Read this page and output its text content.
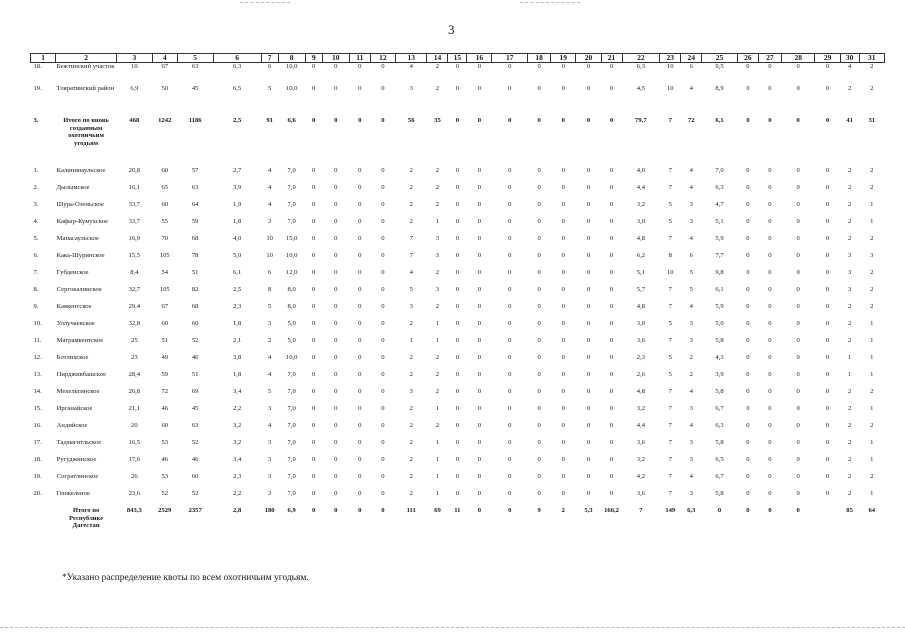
3
1	2	3	4	5	6	7	8	9	10	11	12	13	14	15	16	17	18	19	20	21	22	23	24	25	26	27	28	29	30	31
18.	Бежтинский участок	10	67	63	6,3	6	10,0	0	0	0	0	4	2	0	0	0	0	0	0	0	6,3	10	6	9,5	0	0	0	0	4	2
19.	Тляратинский район	6,9	50	45	6,5	5	10,0	0	0	0	0	3	2	0	0	0	0	0	0	0	4,5	10	4	8,9	0	0	0	0	2	2
3.	Итого по вновь созданным охотничьим угодьям	468	1242	1186	2,5	91	6,6	0	0	0	0	56	35	0	0	0	0	0	0	0	79,7	7	72	6,1	0	0	0	0	41	31
1.	Калининаульское	20,8	60	57	2,7	4	7,0	0	0	0	0	2	2	0	0	0	0	0	0	0	4,0	7	4	7,0	0	0	0	0	2	2
2.	Дылымское	16,1	65	63	3,9	4	7,0	0	0	0	0	2	2	0	0	0	0	0	0	0	4,4	7	4	6,3	0	0	0	0	2	2
3.	Шура-Озеньское	33,7	60	64	1,9	4	7,0	0	0	0	0	2	2	0	0	0	0	0	0	0	3,2	5	3	4,7	0	0	0	0	2	1
4.	Кафыр-Кумухское	33,7	55	59	1,8	3	7,0	0	0	0	0	2	1	0	0	0	0	0	0	0	3,0	5	3	5,1	0	0	0	0	2	1
5.	Манасаульское	16,9	70	68	4,0	10	15,0	0	0	0	0	7	3	0	0	0	0	0	0	0	4,8	7	4	5,9	0	0	0	0	2	2
6.	Кака-Шуринское	15,5	105	78	5,0	10	10,0	0	0	0	0	7	3	0	0	0	0	0	0	0	6,2	8	6	7,7	0	0	0	0	3	3
7.	Губденское	8,4	54	51	6,1	6	12,0	0	0	0	0	4	2	0	0	0	0	0	0	0	5,1	10	5	9,8	0	0	0	0	3	2
8.	Сергокалинское	32,7	105	82	2,5	8	8,0	0	0	0	0	5	3	0	0	0	0	0	0	0	5,7	7	5	6,1	0	0	0	0	3	2
9.	Каякентское	29,4	67	68	2,3	5	8,0	0	0	0	0	3	2	0	0	0	0	0	0	0	4,8	7	4	5,9	0	0	0	0	2	2
10.	Уллучаевское	32,8	60	60	1,8	3	5,0	0	0	0	0	2	1	0	0	0	0	0	0	0	3,0	5	3	5,0	0	0	0	0	2	1
11.	Маграмкентское	25	51	52	2,1	2	5,0	0	0	0	0	1	1	0	0	0	0	0	0	0	3,6	7	3	5,8	0	0	0	0	2	1
12.	Ботлихское	23	49	46	3,8	4	10,0	0	0	0	0	2	2	0	0	0	0	0	0	0	2,3	5	2	4,3	0	0	0	0	1	1
13.	Пирдживбашское	28,4	59	51	1,8	4	7,0	0	0	0	0	2	2	0	0	0	0	0	0	0	2,6	5	2	3,9	0	0	0	0	1	1
14.	Мехельтинское	26,8	72	69	3,4	5	7,0	0	0	0	0	3	2	0	0	0	0	0	0	0	4,8	7	4	5,8	0	0	0	0	2	2
15.	Ирганайское	21,1	46	45	2,2	3	7,0	0	0	0	0	2	1	0	0	0	0	0	0	0	3,2	7	3	6,7	0	0	0	0	2	1
16.	Андийское	20	60	63	3,2	4	7,0	0	0	0	0	2	2	0	0	0	0	0	0	0	4,4	7	4	6,3	0	0	0	0	2	2
17.	Тадмагитльское	16,5	53	52	3,2	3	7,0	0	0	0	0	2	1	0	0	0	0	0	0	0	3,6	7	3	5,8	0	0	0	0	2	1
18.	Ругуджинское	17,6	46	46	3,4	3	7,0	0	0	0	0	2	1	0	0	0	0	0	0	0	3,2	7	3	6,5	0	0	0	0	2	1
19.	Согратлинское	26	53	60	2,3	3	7,0	0	0	0	0	2	1	0	0	0	0	0	0	0	4,2	7	4	6,7	0	0	0	0	2	2
20.	Генжеленое	23,6	52	52	2,2	3	7,0	0	0	0	0	2	1	0	0	0	0	0	0	0	3,6	7	3	5,8	0	0	0	0	2	1
	Итого по Республике Дагестан	843,3	2529	2357	2,8	180	6,9	0	0	0	0	111	69	11	0	0	9	2	5,3	166,2	7	149	6,3	0	0	0	0		85	64
*Указано распределение квоты по всем охотничьим угодьям.
